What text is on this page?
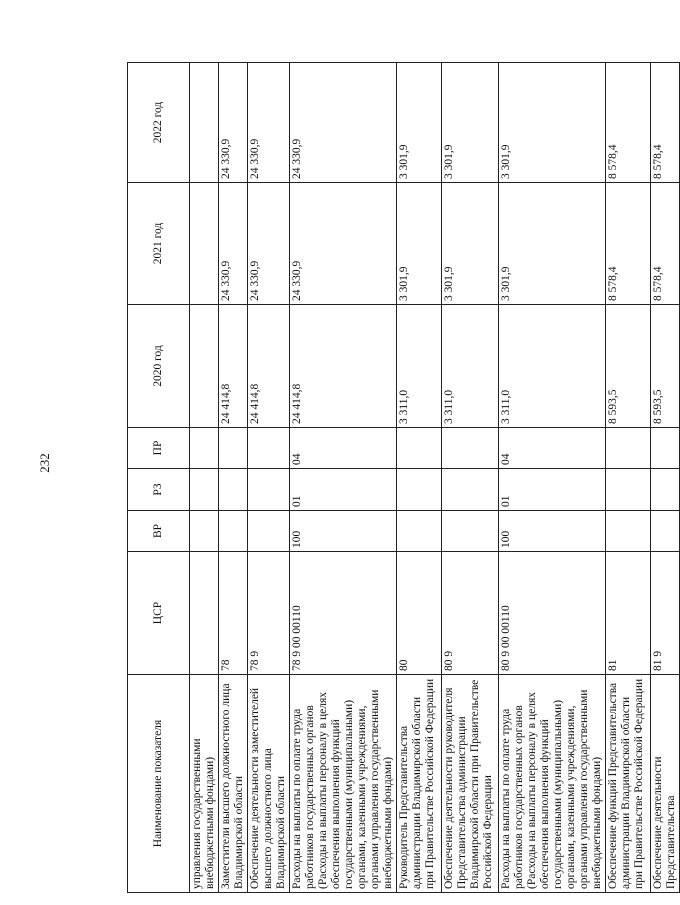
232
Наименование показателя	ЦСР	ВР	РЗ	ПР	2020 год	2021 год	2022 год
управления государственными внебюджетными фондами)							
Заместители высшего должностного лица Владимирской области	78				24 414,8	24 330,9	24 330,9
Обеспечение деятельности заместителей высшего должностного лица Владимирской области	78 9				24 414,8	24 330,9	24 330,9
Расходы на выплаты по оплате труда работников государственных органов (Расходы на выплаты персоналу в целях обеспечения выполнения функций государственными (муниципальными) органами, казенными учреждениями, органами управления государственными внебюджетными фондами)	78 9 00 00110	100	01	04	24 414,8	24 330,9	24 330,9
Руководитель Представительства администрации Владимирской области при Правительстве Российской Федерации	80				3 311,0	3 301,9	3 301,9
Обеспечение деятельности руководителя Представительства администрации Владимирской области при Правительстве Российской Федерации	80 9				3 311,0	3 301,9	3 301,9
Расходы на выплаты по оплате труда работников государственных органов (Расходы на выплаты персоналу в целях обеспечения выполнения функций государственными (муниципальными) органами, казенными учреждениями, органами управления государственными внебюджетными фондами)	80 9 00 00110	100	01	04	3 311,0	3 301,9	3 301,9
Обеспечение функций Представительства администрации Владимирской области при Правительстве Российской Федерации	81				8 593,5	8 578,4	8 578,4
Обеспечение деятельности Представительства	81 9				8 593,5	8 578,4	8 578,4
